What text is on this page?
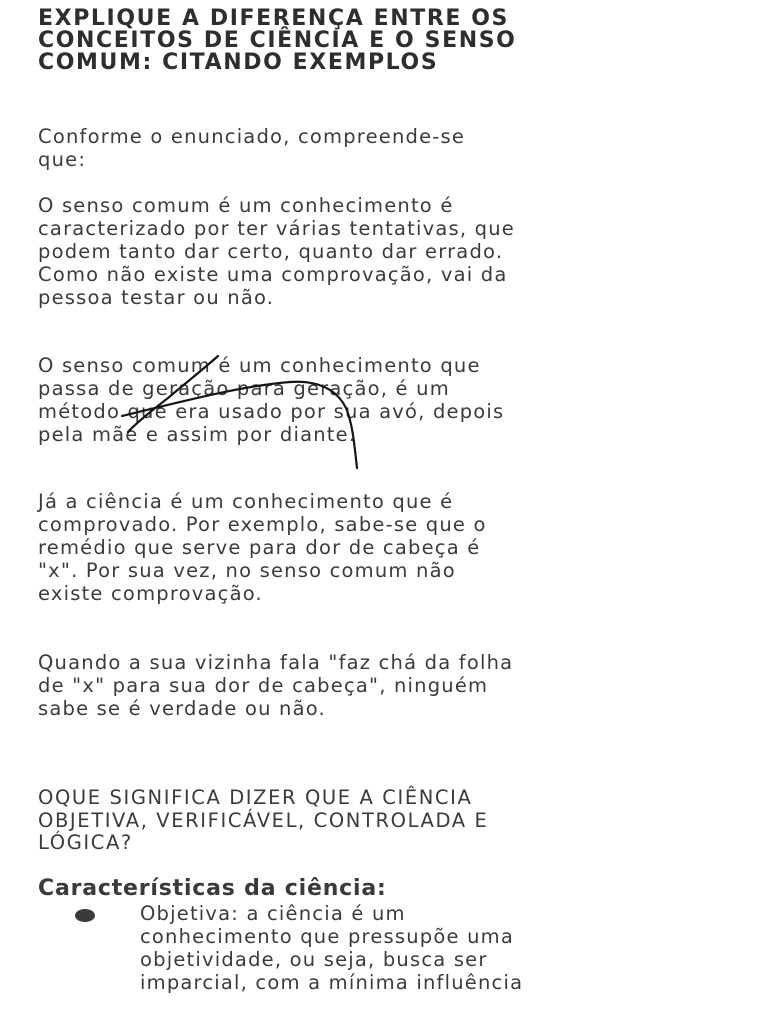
EXPLIQUE A DIFERENÇA ENTRE OS
CONCEITOS DE CIÊNCIA E O SENSO
COMUM: CITANDO EXEMPLOS

Conforme o enunciado, compreende-se
que:

O senso comum é um conhecimento é
caracterizado por ter várias tentativas, que
podem tanto dar certo, quanto dar errado.
Como não existe uma comprovação, vai da
pessoa testar ou não.

O senso comum é um conhecimento que
passa de geração para geração, é um
método que era usado por sua avó, depois
pela mãe e assim por diante.

Já a ciência é um conhecimento que é
comprovado. Por exemplo, sabe-se que o
remédio que serve para dor de cabeça é
"x". Por sua vez, no senso comum não
existe comprovação.

Quando a sua vizinha fala "faz chá da folha
de "x" para sua dor de cabeça", ninguém
sabe se é verdade ou não.

OQUE SIGNIFICA DIZER QUE A CIÊNCIA
OBJETIVA, VERIFICÁVEL, CONTROLADA E
LÓGICA?

Características da ciência:

Objetiva: a ciência é um
conhecimento que pressupõe uma
objetividade, ou seja, busca ser
imparcial, com a mínima influência
